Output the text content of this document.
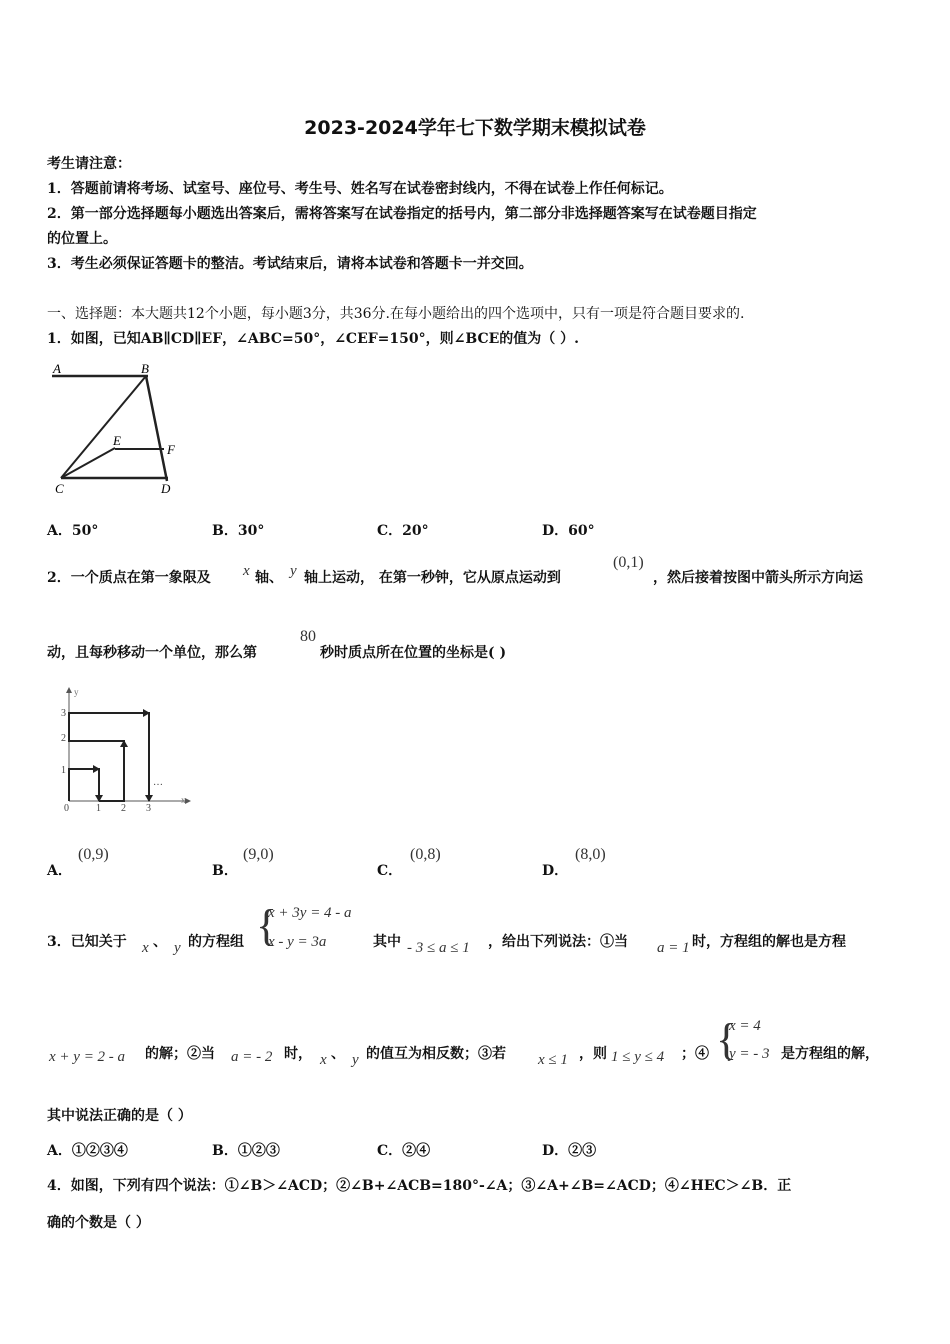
2023-2024学年七下数学期末模拟试卷
考生请注意：
1．答题前请将考场、试室号、座位号、考生号、姓名写在试卷密封线内，不得在试卷上作任何标记。
2．第一部分选择题每小题选出答案后，需将答案写在试卷指定的括号内，第二部分非选择题答案写在试卷题目指定
的位置上。
3．考生必须保证答题卡的整洁。考试结束后，请将本试卷和答题卡一并交回。
一、选择题：本大题共12个小题，每小题3分，共36分.在每小题给出的四个选项中，只有一项是符合题目要求的.
1．如图，已知AB∥CD∥EF，∠ABC=50°，∠CEF=150°，则∠BCE的值为（ ）.
A	B
E
F
C	D
A．50°	B．30°	C．20°	D．60°
2．一个质点在第一象限及 x 轴、 y 轴上运动， 在第一秒钟，它从原点运动到
(0,1)
，然后接着按图中箭头所示方向运
动，且每秒移动一个单位，那么第
80
秒时质点所在位置的坐标是( )
y
x
0	1 2 3
1
2
3
…
A．
(0,9)
B．
(9,0)
C．
(0,8)
D．
(8,0)
3．已知关于 x 、 y 的方程组 {
x + 3y = 4 - a
x - y = 3a	其中 - 3 ≤ a ≤ 1 ，给出下列说法：①当 a = 1 时，方程组的解也是方程
x + y = 2 - a 的解；②当 a = - 2 时， x 、 y 的值互为相反数；③若 x ≤ 1 ，则 1 ≤ y ≤ 4 ；④ {
x = 4
y = - 3 是方程组的解，
其中说法正确的是（ ）
A．①②③④	B．①②③	C．②④	D．②③
4．如图，下列有四个说法：①∠B＞∠ACD；②∠B+∠ACB=180°-∠A；③∠A+∠B=∠ACD；④∠HEC＞∠B．正
确的个数是（ ）
